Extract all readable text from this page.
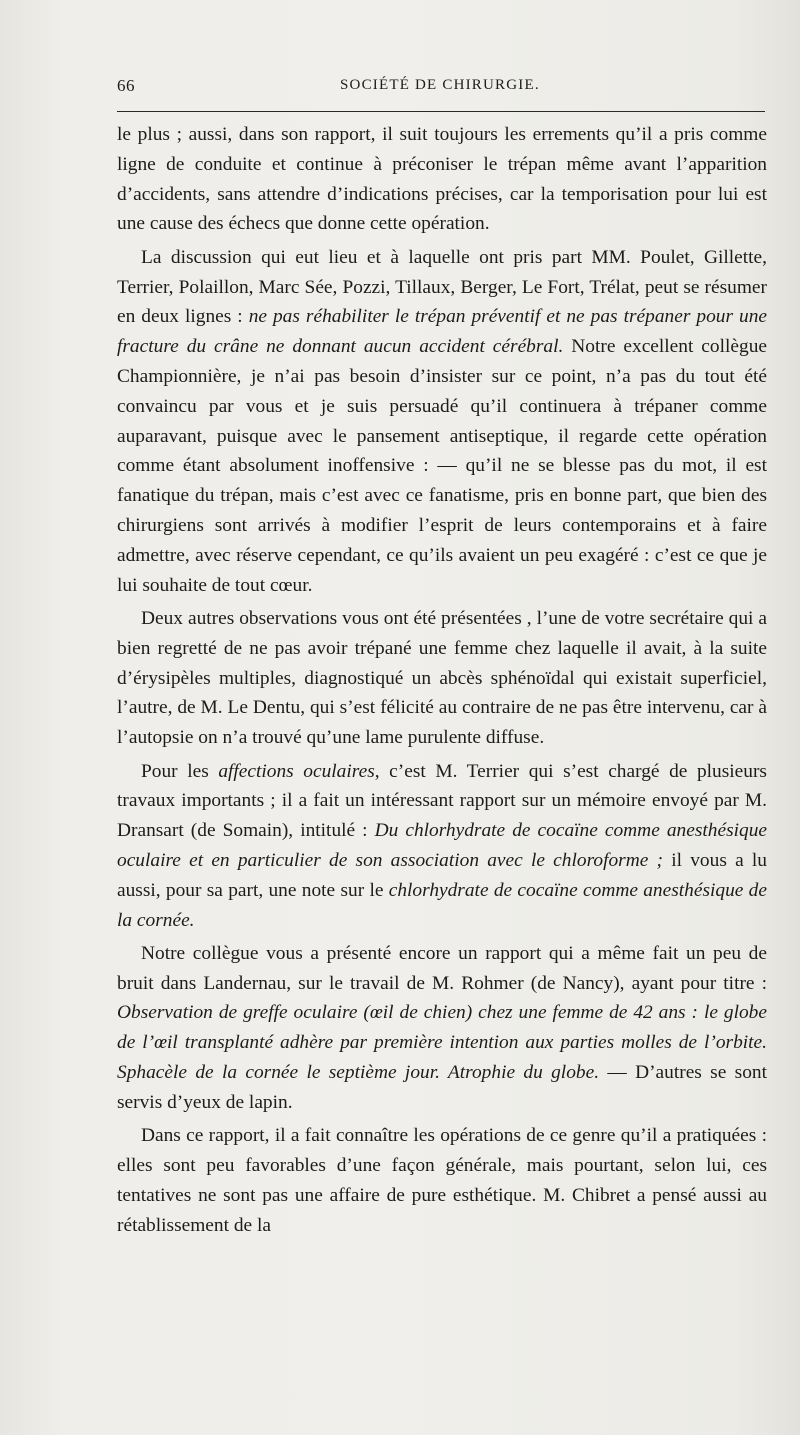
66	SOCIÉTÉ DE CHIRURGIE.

le plus ; aussi, dans son rapport, il suit toujours les errements qu’il a pris comme ligne de conduite et continue à préconiser le trépan même avant l’apparition d’accidents, sans attendre d’indications précises, car la temporisation pour lui est une cause des échecs que donne cette opération.

La discussion qui eut lieu et à laquelle ont pris part MM. Poulet, Gillette, Terrier, Polaillon, Marc Sée, Pozzi, Tillaux, Berger, Le Fort, Trélat, peut se résumer en deux lignes : ne pas réhabiliter le trépan préventif et ne pas trépaner pour une fracture du crâne ne donnant aucun accident cérébral. Notre excellent collègue Championnière, je n’ai pas besoin d’insister sur ce point, n’a pas du tout été convaincu par vous et je suis persuadé qu’il continuera à trépaner comme auparavant, puisque avec le pansement antiseptique, il regarde cette opération comme étant absolument inoffensive : — qu’il ne se blesse pas du mot, il est fanatique du trépan, mais c’est avec ce fanatisme, pris en bonne part, que bien des chirurgiens sont arrivés à modifier l’esprit de leurs contemporains et à faire admettre, avec réserve cependant, ce qu’ils avaient un peu exagéré : c’est ce que je lui souhaite de tout cœur.

Deux autres observations vous ont été présentées , l’une de votre secrétaire qui a bien regretté de ne pas avoir trépané une femme chez laquelle il avait, à la suite d’érysipèles multiples, diagnostiqué un abcès sphénoïdal qui existait superficiel, l’autre, de M. Le Dentu, qui s’est félicité au contraire de ne pas être intervenu, car à l’autopsie on n’a trouvé qu’une lame purulente diffuse.

Pour les affections oculaires, c’est M. Terrier qui s’est chargé de plusieurs travaux importants ; il a fait un intéressant rapport sur un mémoire envoyé par M. Dransart (de Somain), intitulé : Du chlorhydrate de cocaïne comme anesthésique oculaire et en particulier de son association avec le chloroforme ; il vous a lu aussi, pour sa part, une note sur le chlorhydrate de cocaïne comme anesthésique de la cornée.

Notre collègue vous a présenté encore un rapport qui a même fait un peu de bruit dans Landernau, sur le travail de M. Rohmer (de Nancy), ayant pour titre : Observation de greffe oculaire (œil de chien) chez une femme de 42 ans : le globe de l’œil transplanté adhère par première intention aux parties molles de l’orbite. Sphacèle de la cornée le septième jour. Atrophie du globe. — D’autres se sont servis d’yeux de lapin.

Dans ce rapport, il a fait connaître les opérations de ce genre qu’il a pratiquées : elles sont peu favorables d’une façon générale, mais pourtant, selon lui, ces tentatives ne sont pas une affaire de pure esthétique. M. Chibret a pensé aussi au rétablissement de la
